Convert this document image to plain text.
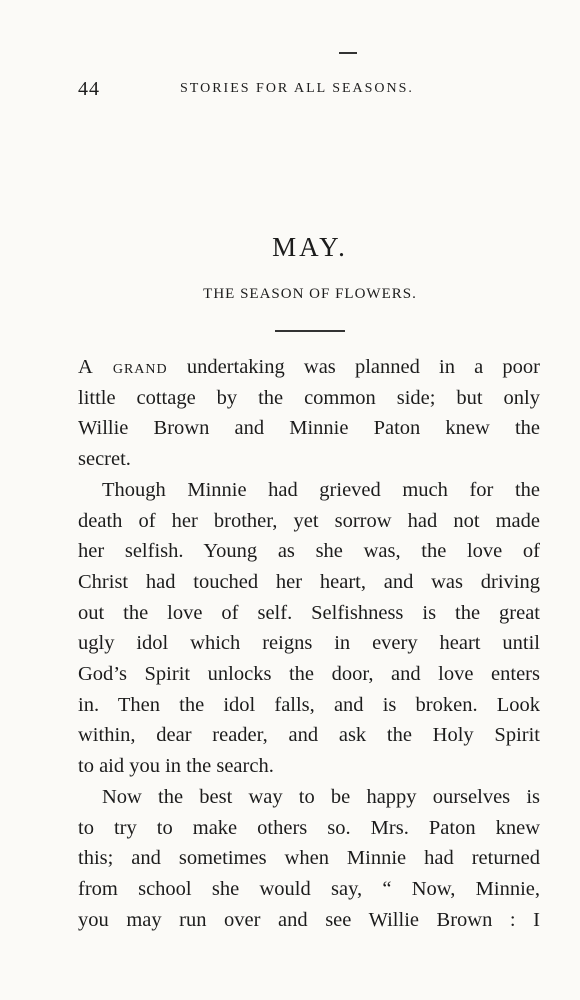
44	STORIES FOR ALL SEASONS.
MAY.
THE SEASON OF FLOWERS.
A grand undertaking was planned in a poor
little cottage by the common side; but only
Willie Brown and Minnie Paton knew the
secret.
Though Minnie had grieved much for the
death of her brother, yet sorrow had not made
her selfish. Young as she was, the love of
Christ had touched her heart, and was driving
out the love of self. Selfishness is the great
ugly idol which reigns in every heart until
God’s Spirit unlocks the door, and love enters
in. Then the idol falls, and is broken. Look
within, dear reader, and ask the Holy Spirit
to aid you in the search.
Now the best way to be happy ourselves is
to try to make others so. Mrs. Paton knew
this; and sometimes when Minnie had returned
from school she would say, “ Now, Minnie,
you may run over and see Willie Brown : I
